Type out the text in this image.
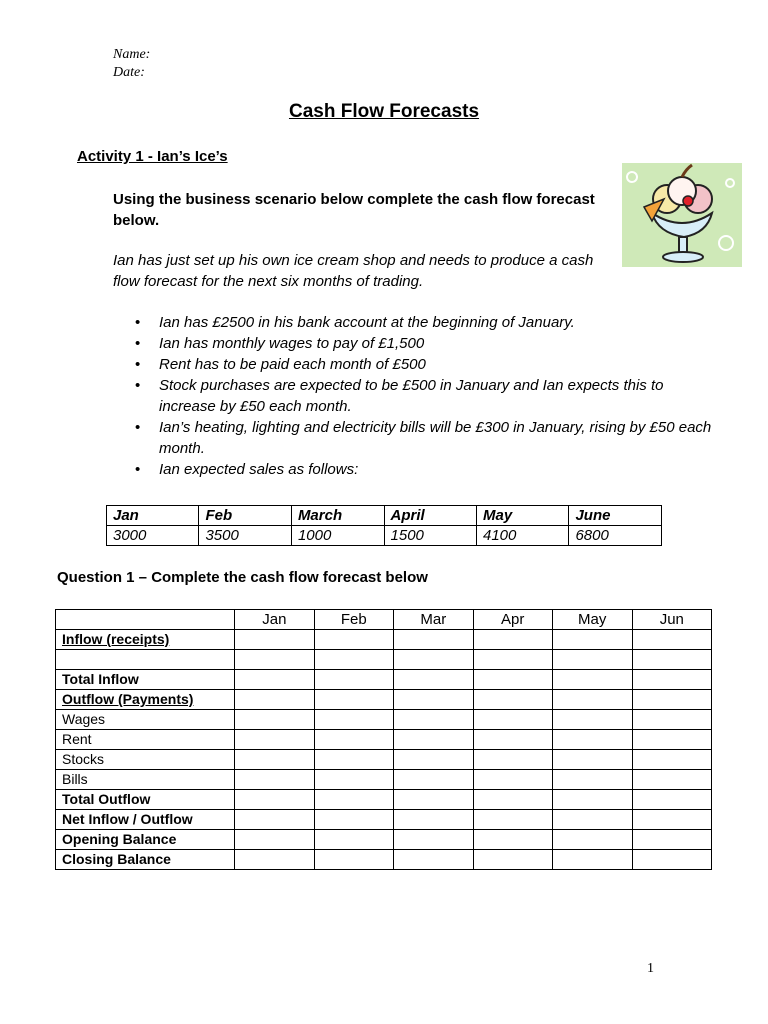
Name:
Date:
Cash Flow Forecasts
Activity 1 - Ian’s Ice’s
Using the business scenario below complete the cash flow forecast below.
Ian has just set up his own ice cream shop and needs to produce a cash flow forecast for the next six months of trading.
• Ian has £2500 in his bank account at the beginning of January.
• Ian has monthly wages to pay of £1,500
• Rent has to be paid each month of £500
• Stock purchases are expected to be £500 in January and Ian expects this to increase by £50 each month.
• Ian’s heating, lighting and electricity bills will be £300 in January, rising by £50 each month.
• Ian expected sales as follows:
Jan	Feb	March	April	May	June
3000	3500	1000	1500	4100	6800
Question 1 – Complete the cash flow forecast below
	Jan	Feb	Mar	Apr	May	Jun
Inflow (receipts)						

Total Inflow						
Outflow (Payments)						
Wages						
Rent						
Stocks						
Bills						
Total Outflow						
Net Inflow / Outflow						
Opening Balance						
Closing Balance						
1
